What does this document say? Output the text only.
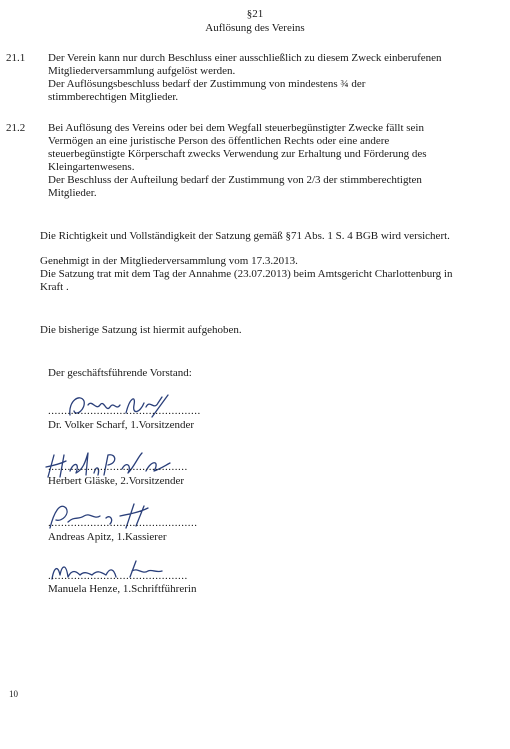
§21
Auflösung des Vereins
21.1 Der Verein kann nur durch Beschluss einer ausschließlich zu diesem Zweck einberufenen
Mitgliederversammlung aufgelöst werden.
Der Auflösungsbeschluss bedarf der Zustimmung von mindestens ¾ der
stimmberechtigen Mitglieder.
21.2 Bei Auflösung des Vereins oder bei dem Wegfall steuerbegünstigter Zwecke fällt sein
Vermögen an eine juristische Person des öffentlichen Rechts oder eine andere
steuerbegünstigte Körperschaft zwecks Verwendung zur Erhaltung und Förderung des
Kleingartenwesens.
Der Beschluss der Aufteilung bedarf der Zustimmung von 2/3 der stimmberechtigten
Mitglieder.
Die Richtigkeit und Vollständigkeit der Satzung gemäß §71 Abs. 1 S. 4 BGB wird versichert.
Genehmigt in der Mitgliederversammlung vom 17.3.2013.
Die Satzung trat mit dem Tag der Annahme (23.07.2013) beim Amtsgericht Charlottenburg in
Kraft .
Die bisherige Satzung ist hiermit aufgehoben.
Der geschäftsführende Vorstand:
...............................................
Dr. Volker Scharf, 1.Vorsitzender
...........................................
Herbert Gläske, 2.Vorsitzender
..............................................
Andreas Apitz, 1.Kassierer
...........................................
Manuela Henze, 1.Schriftführerin
10
